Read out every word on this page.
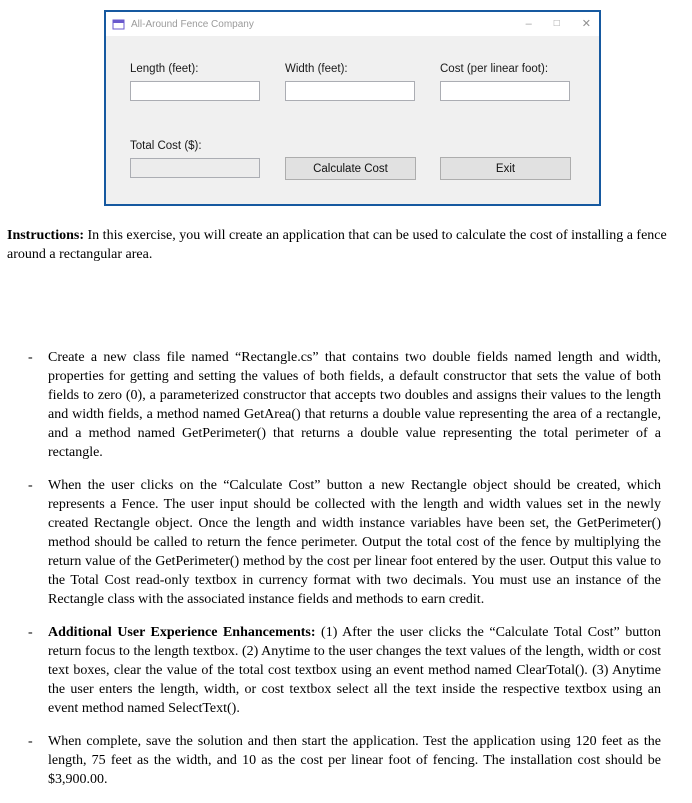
All-Around Fence Company	– □ ✕
Length (feet):	Width (feet):	Cost (per linear foot):
Total Cost ($):
Calculate Cost	Exit

Instructions: In this exercise, you will create an application that can be used to calculate the cost of installing a fence around a rectangular area.

-	Create a new class file named “Rectangle.cs” that contains two double fields named length and width, properties for getting and setting the values of both fields, a default constructor that sets the value of both fields to zero (0), a parameterized constructor that accepts two doubles and assigns their values to the length and width fields, a method named GetArea() that returns a double value representing the area of a rectangle, and a method named GetPerimeter() that returns a double value representing the total perimeter of a rectangle.

-	When the user clicks on the “Calculate Cost” button a new Rectangle object should be created, which represents a Fence. The user input should be collected with the length and width values set in the newly created Rectangle object. Once the length and width instance variables have been set, the GetPerimeter() method should be called to return the fence perimeter. Output the total cost of the fence by multiplying the return value of the GetPerimeter() method by the cost per linear foot entered by the user. Output this value to the Total Cost read-only textbox in currency format with two decimals. You must use an instance of the Rectangle class with the associated instance fields and methods to earn credit.

-	Additional User Experience Enhancements: (1) After the user clicks the “Calculate Total Cost” button return focus to the length textbox. (2) Anytime to the user changes the text values of the length, width or cost text boxes, clear the value of the total cost textbox using an event method named ClearTotal(). (3) Anytime the user enters the length, width, or cost textbox select all the text inside the respective textbox using an event method named SelectText().

-	When complete, save the solution and then start the application. Test the application using 120 feet as the length, 75 feet as the width, and 10 as the cost per linear foot of fencing. The installation cost should be $3,900.00.
